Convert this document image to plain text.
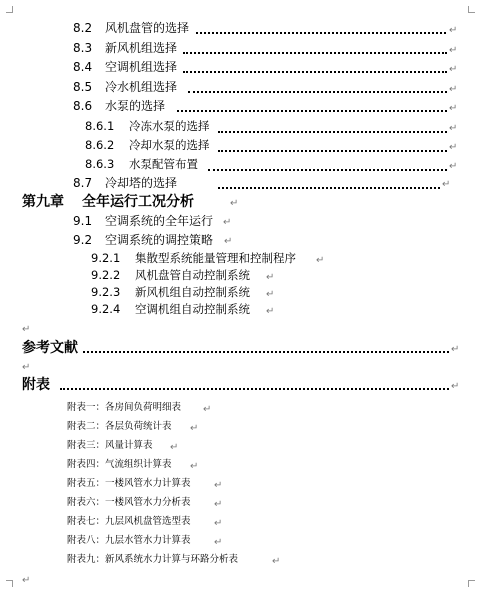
8.2 风机盘管的选择	↵
8.3 新风机组选择	↵
8.4 空调机组选择	↵
8.5 冷水机组选择	↵
8.6 水泵的选择	↵
8.6.1 冷冻水泵的选择	↵
8.6.2 冷却水泵的选择	↵
8.6.3 水泵配管布置	↵
8.7 冷却塔的选择	↵
第九章 全年运行工况分析	↵
9.1 空调系统的全年运行 ↵
9.2 空调系统的调控策略 ↵
9.2.1 集散型系统能量管理和控制程序 ↵
9.2.2 风机盘管自动控制系统 ↵
9.2.3 新风机组自动控制系统 ↵
9.2.4 空调机组自动控制系统 ↵
↵
参考文献	↵
↵
附表	↵
附表一：各房间负荷明细表 ↵
附表二：各层负荷统计表 ↵
附表三：风量计算表 ↵
附表四：气流组织计算表 ↵
附表五：一楼风管水力计算表 ↵
附表六：一楼风管水力分析表 ↵
附表七：九层风机盘管选型表 ↵
附表八：九层水管水力计算表 ↵
附表九：新风系统水力计算与环路分析表	↵
↵
